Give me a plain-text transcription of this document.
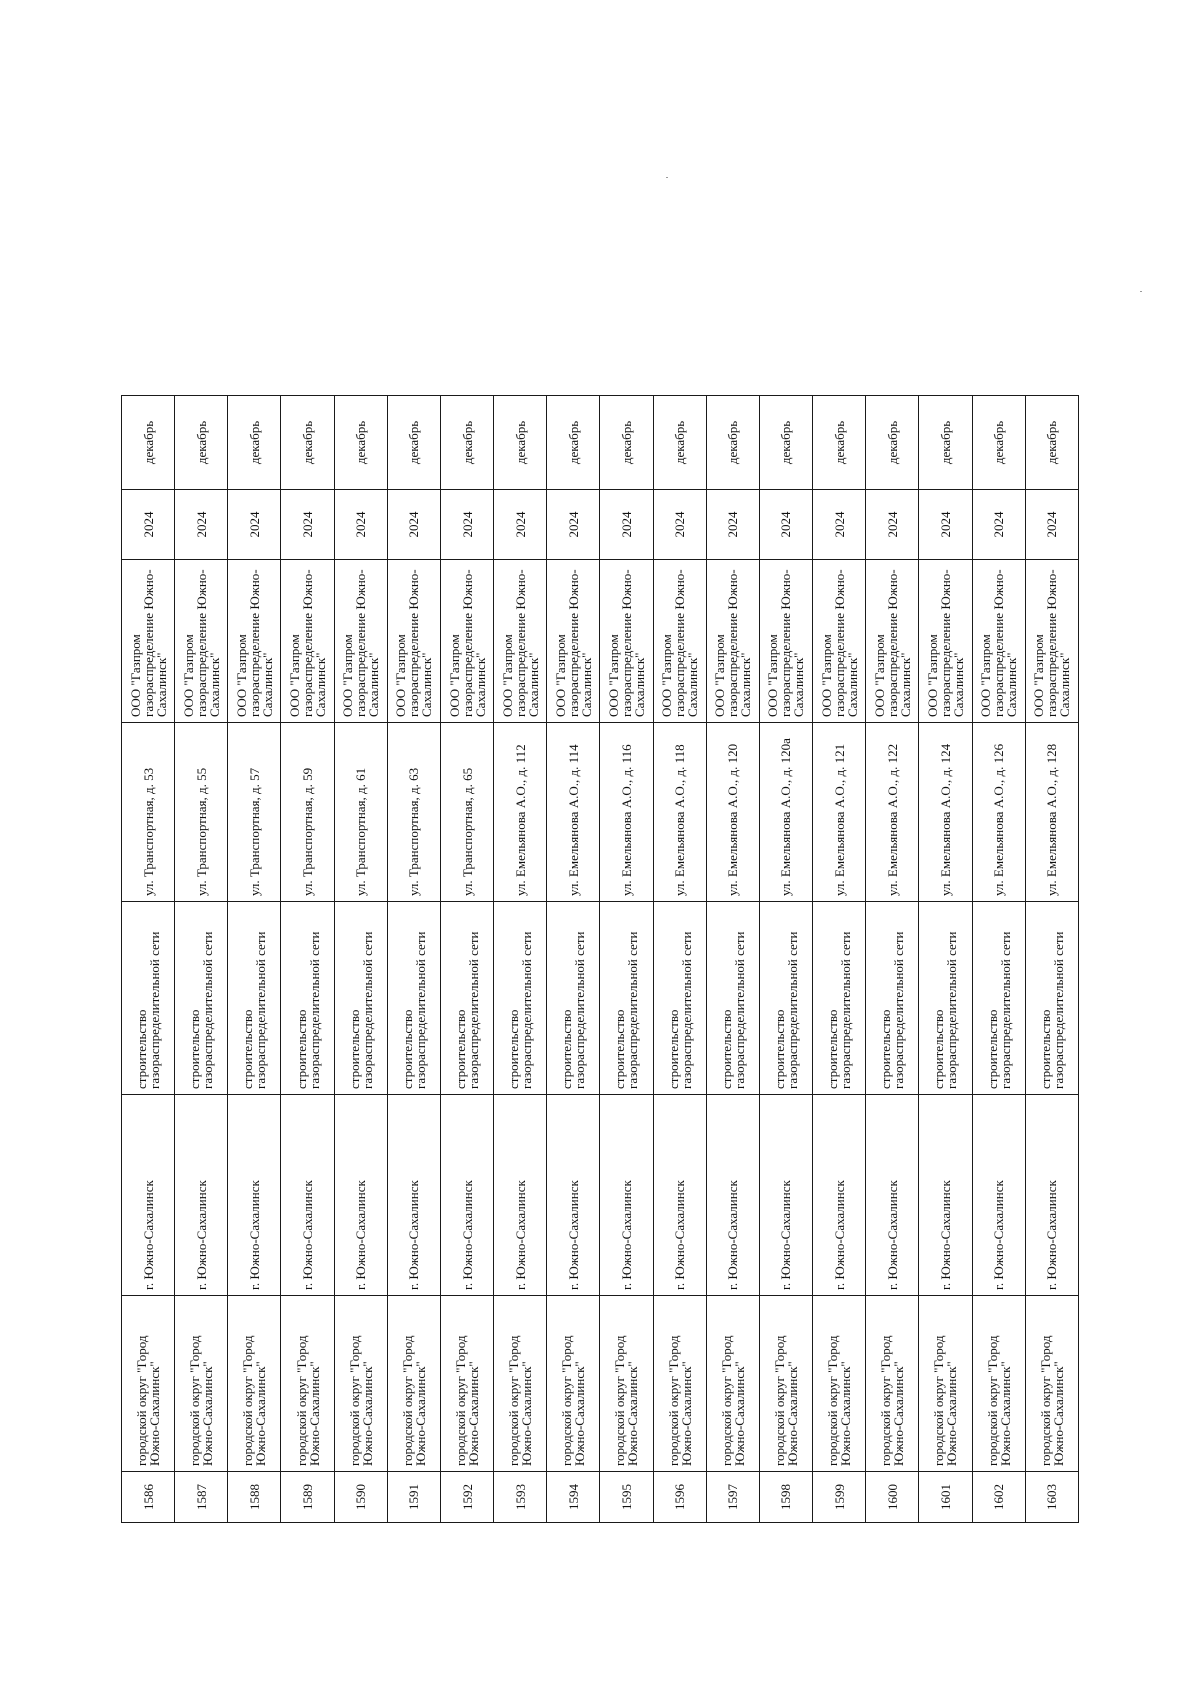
1586	городской округ "Город Южно-Сахалинск"	г. Южно-Сахалинск	строительство газораспределительной сети	ул. Транспортная, д. 53	ООО "Газпром газораспределение Южно-Сахалинск"	2024	декабрь
1587	городской округ "Город Южно-Сахалинск"	г. Южно-Сахалинск	строительство газораспределительной сети	ул. Транспортная, д. 55	ООО "Газпром газораспределение Южно-Сахалинск"	2024	декабрь
1588	городской округ "Город Южно-Сахалинск"	г. Южно-Сахалинск	строительство газораспределительной сети	ул. Транспортная, д. 57	ООО "Газпром газораспределение Южно-Сахалинск"	2024	декабрь
1589	городской округ "Город Южно-Сахалинск"	г. Южно-Сахалинск	строительство газораспределительной сети	ул. Транспортная, д. 59	ООО "Газпром газораспределение Южно-Сахалинск"	2024	декабрь
1590	городской округ "Город Южно-Сахалинск"	г. Южно-Сахалинск	строительство газораспределительной сети	ул. Транспортная, д. 61	ООО "Газпром газораспределение Южно-Сахалинск"	2024	декабрь
1591	городской округ "Город Южно-Сахалинск"	г. Южно-Сахалинск	строительство газораспределительной сети	ул. Транспортная, д. 63	ООО "Газпром газораспределение Южно-Сахалинск"	2024	декабрь
1592	городской округ "Город Южно-Сахалинск"	г. Южно-Сахалинск	строительство газораспределительной сети	ул. Транспортная, д. 65	ООО "Газпром газораспределение Южно-Сахалинск"	2024	декабрь
1593	городской округ "Город Южно-Сахалинск"	г. Южно-Сахалинск	строительство газораспределительной сети	ул. Емельянова А.О., д. 112	ООО "Газпром газораспределение Южно-Сахалинск"	2024	декабрь
1594	городской округ "Город Южно-Сахалинск"	г. Южно-Сахалинск	строительство газораспределительной сети	ул. Емельянова А.О., д. 114	ООО "Газпром газораспределение Южно-Сахалинск"	2024	декабрь
1595	городской округ "Город Южно-Сахалинск"	г. Южно-Сахалинск	строительство газораспределительной сети	ул. Емельянова А.О., д. 116	ООО "Газпром газораспределение Южно-Сахалинск"	2024	декабрь
1596	городской округ "Город Южно-Сахалинск"	г. Южно-Сахалинск	строительство газораспределительной сети	ул. Емельянова А.О., д. 118	ООО "Газпром газораспределение Южно-Сахалинск"	2024	декабрь
1597	городской округ "Город Южно-Сахалинск"	г. Южно-Сахалинск	строительство газораспределительной сети	ул. Емельянова А.О., д. 120	ООО "Газпром газораспределение Южно-Сахалинск"	2024	декабрь
1598	городской округ "Город Южно-Сахалинск"	г. Южно-Сахалинск	строительство газораспределительной сети	ул. Емельянова А.О., д. 120а	ООО "Газпром газораспределение Южно-Сахалинск"	2024	декабрь
1599	городской округ "Город Южно-Сахалинск"	г. Южно-Сахалинск	строительство газораспределительной сети	ул. Емельянова А.О., д. 121	ООО "Газпром газораспределение Южно-Сахалинск"	2024	декабрь
1600	городской округ "Город Южно-Сахалинск"	г. Южно-Сахалинск	строительство газораспределительной сети	ул. Емельянова А.О., д. 122	ООО "Газпром газораспределение Южно-Сахалинск"	2024	декабрь
1601	городской округ "Город Южно-Сахалинск"	г. Южно-Сахалинск	строительство газораспределительной сети	ул. Емельянова А.О., д. 124	ООО "Газпром газораспределение Южно-Сахалинск"	2024	декабрь
1602	городской округ "Город Южно-Сахалинск"	г. Южно-Сахалинск	строительство газораспределительной сети	ул. Емельянова А.О., д. 126	ООО "Газпром газораспределение Южно-Сахалинск"	2024	декабрь
1603	городской округ "Город Южно-Сахалинск"	г. Южно-Сахалинск	строительство газораспределительной сети	ул. Емельянова А.О., д. 128	ООО "Газпром газораспределение Южно-Сахалинск"	2024	декабрь
